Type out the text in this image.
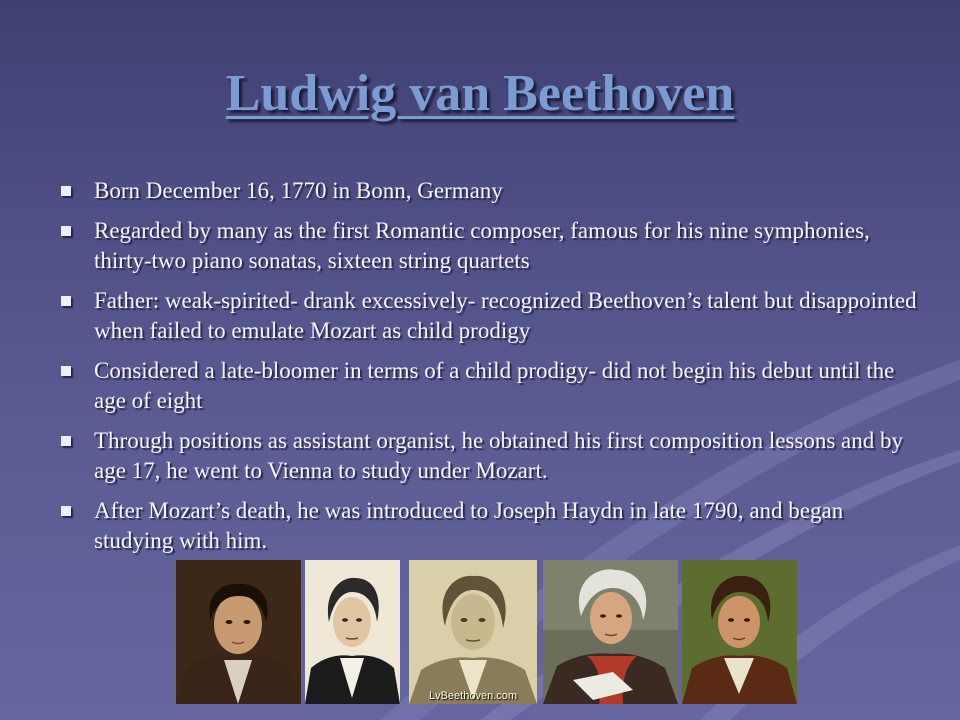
Ludwig van Beethoven
Born December 16, 1770 in Bonn, Germany
Regarded by many as the first Romantic composer, famous for his nine symphonies, thirty-two piano sonatas, sixteen string quartets
Father: weak-spirited- drank excessively- recognized Beethoven’s talent but disappointed when failed to emulate Mozart as child prodigy
Considered a late-bloomer in terms of a child prodigy- did not begin his debut until the age of eight
Through positions as assistant organist, he obtained his first composition lessons and by age 17, he went to Vienna to study under Mozart.
After Mozart’s death, he was introduced to Joseph Haydn in late 1790, and began studying with him.
LvBeethoven.com
